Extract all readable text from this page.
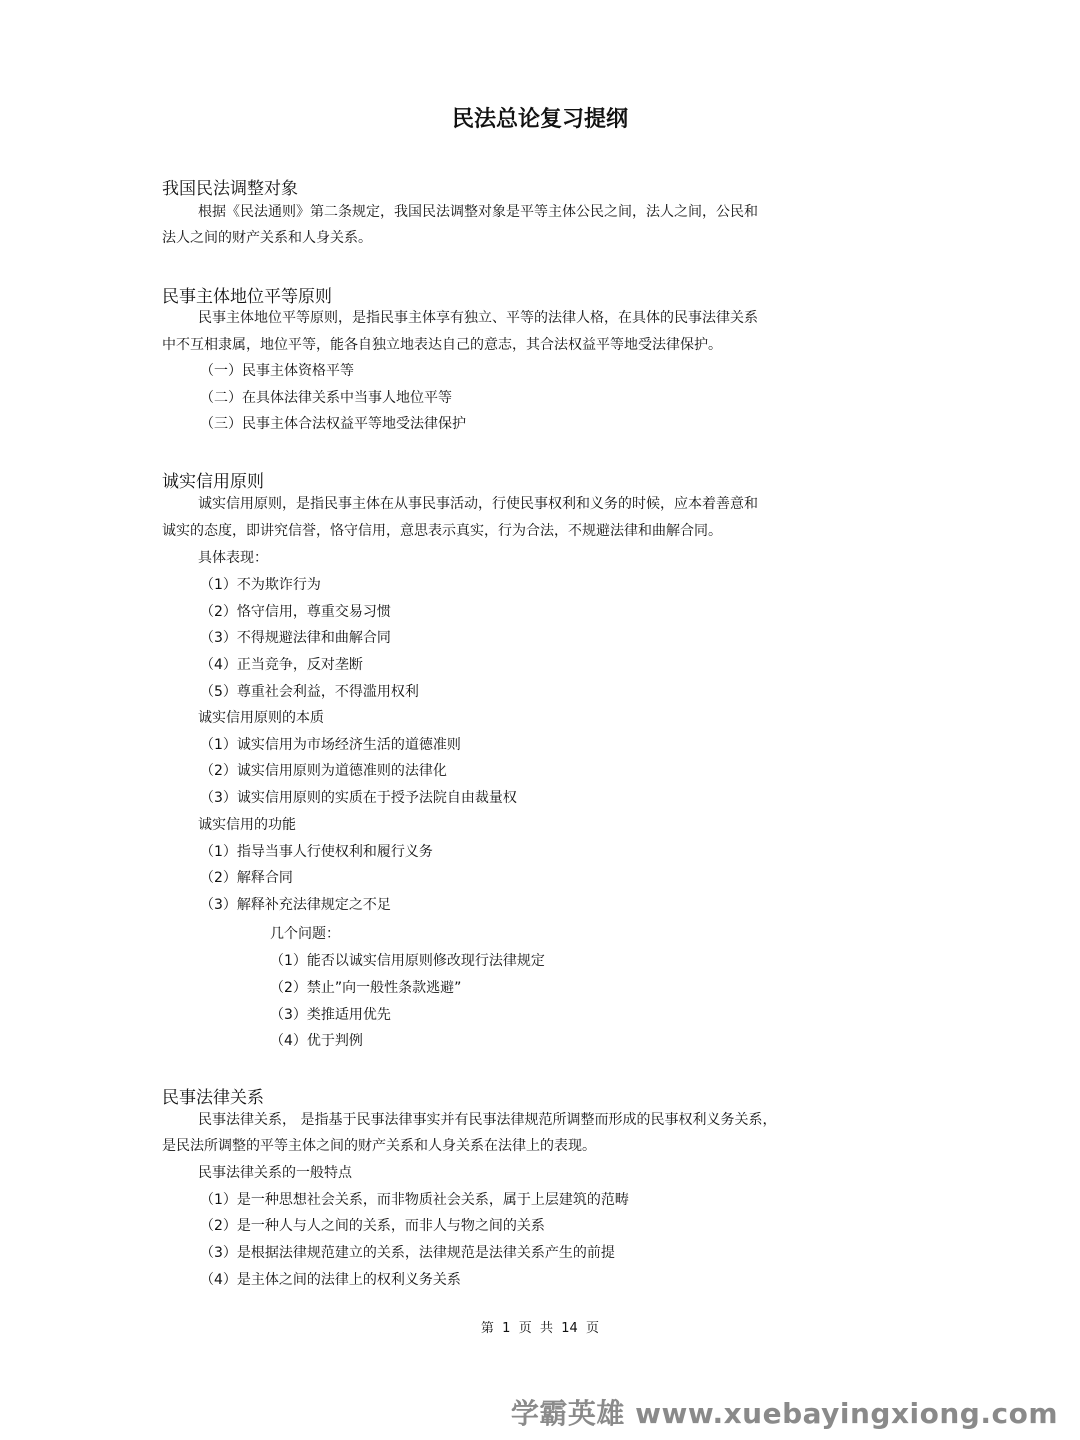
民法总论复习提纲
我国民法调整对象
根据《民法通则》第二条规定，我国民法调整对象是平等主体公民之间，法人之间，公民和
法人之间的财产关系和人身关系。
民事主体地位平等原则
民事主体地位平等原则，是指民事主体享有独立、平等的法律人格，在具体的民事法律关系
中不互相隶属，地位平等，能各自独立地表达自己的意志，其合法权益平等地受法律保护。
（一）民事主体资格平等
（二）在具体法律关系中当事人地位平等
（三）民事主体合法权益平等地受法律保护
诚实信用原则
诚实信用原则，是指民事主体在从事民事活动，行使民事权利和义务的时候，应本着善意和
诚实的态度，即讲究信誉，恪守信用，意思表示真实，行为合法，不规避法律和曲解合同。
具体表现：
（1）不为欺诈行为
（2）恪守信用，尊重交易习惯
（3）不得规避法律和曲解合同
（4）正当竞争，反对垄断
（5）尊重社会利益，不得滥用权利
诚实信用原则的本质
（1）诚实信用为市场经济生活的道德准则
（2）诚实信用原则为道德准则的法律化
（3）诚实信用原则的实质在于授予法院自由裁量权
诚实信用的功能
（1）指导当事人行使权利和履行义务
（2）解释合同
（3）解释补充法律规定之不足
几个问题：
（1）能否以诚实信用原则修改现行法律规定
（2）禁止”向一般性条款逃避”
（3）类推适用优先
（4）优于判例
民事法律关系
民事法律关系， 是指基于民事法律事实并有民事法律规范所调整而形成的民事权利义务关系，
是民法所调整的平等主体之间的财产关系和人身关系在法律上的表现。
民事法律关系的一般特点
（1）是一种思想社会关系，而非物质社会关系，属于上层建筑的范畴
（2）是一种人与人之间的关系，而非人与物之间的关系
（3）是根据法律规范建立的关系，法律规范是法律关系产生的前提
（4）是主体之间的法律上的权利义务关系
第  1  页  共  14  页
学霸英雄 www.xuebayingxiong.com
